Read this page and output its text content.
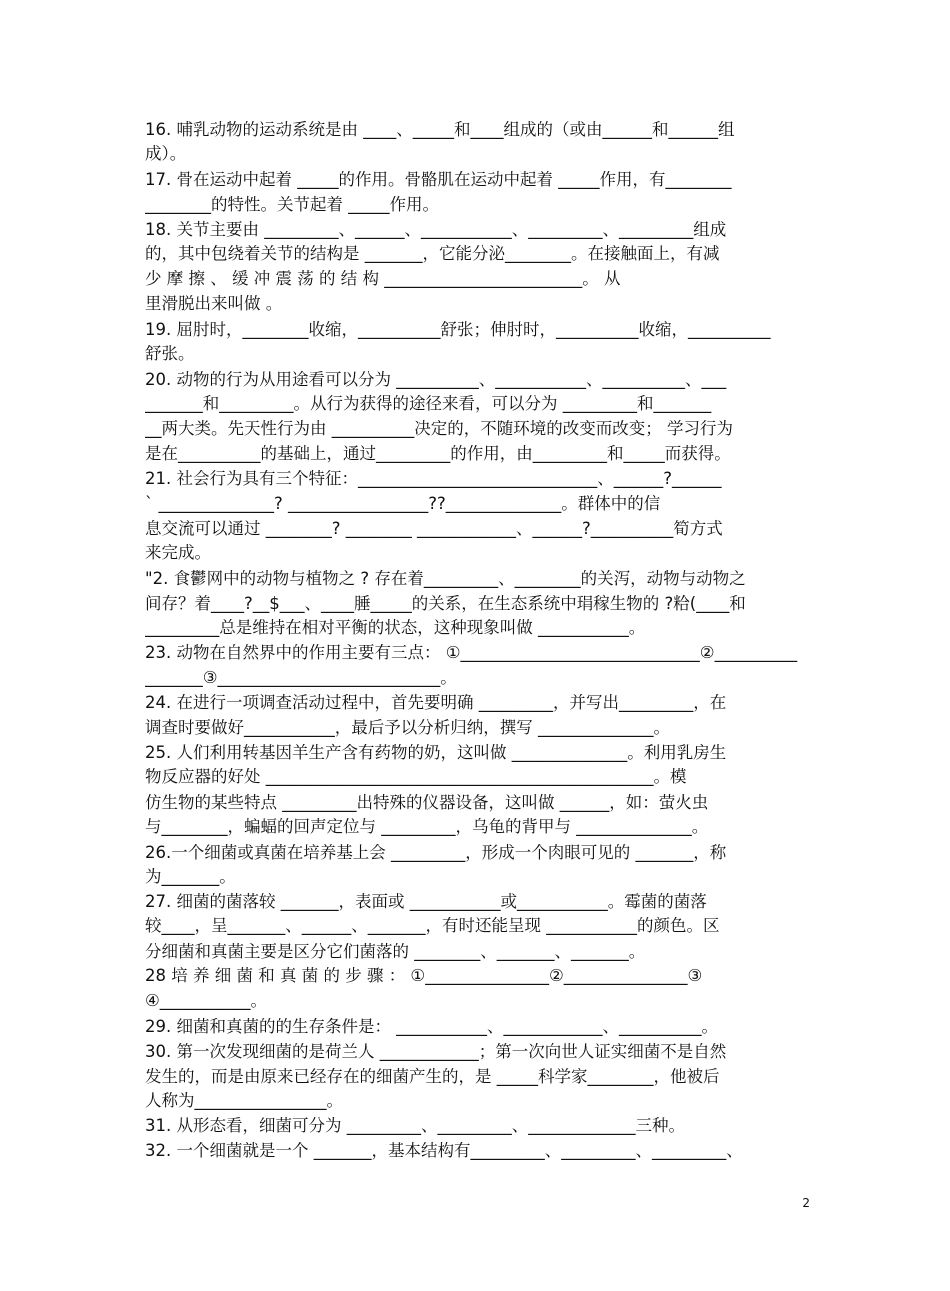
16. 哺乳动物的运动系统是由 ____、_____和____组成的（或由______和______组
成）。
17. 骨在运动中起着 _____的作用。骨骼肌在运动中起着 _____作用，有________
________的特性。关节起着 _____作用。
18. 关节主要由 _________、______、___________、_________、_________组成
的，其中包绕着关节的结构是 _______，它能分泌________。在接触面上，有减
少 摩 擦 、 缓 冲 震 荡 的 结 构 ________________________。 从
里滑脱出来叫做 。
19. 屈肘时，________收缩，__________舒张；伸肘时，__________收缩，__________
舒张。
20. 动物的行为从用途看可以分为 __________、___________、__________、___
_______和_________。从行为获得的途径来看，可以分为 _________和_______
__两大类。先天性行为由 __________决定的，不随环境的改变而改变； 学习行为
是在__________的基础上，通过_________的作用，由_________和_____而获得。
21. 社会行为具有三个特征：_____________________________、______?______
` ______________? _________________??______________。群体中的信
息交流可以通过 ________? ________ ____________、______?__________筍方式
来完成。
"2. 食鬱网中的动物与植物之 ? 存在着_________、________的关泻，动物与动物之
间存？着____?__$___、____腄_____的关系，在生态系统中琄稼生物的 ?粭(____和
_________总是维持在相对平衡的状态，这种现象叫做 ___________。
23. 动物在自然界中的作用主要有三点： ①_____________________________②__________
_______③___________________________。
24. 在进行一项调查活动过程中，首先要明确 _________，并写出_________，在
调查时要做好___________，最后予以分析归纳，撰写 ______________。
25. 人们利用转基因羊生产含有药物的奶，这叫做 ______________。利用乳房生
物反应器的好处 _______________________________________________。模
仿生物的某些特点 _________出特殊的仪器设备，这叫做 ______，如：萤火虫
与________，蝙蝠的回声定位与 _________，乌龟的背甲与 ______________。
26.一个细菌或真菌在培养基上会 _________，形成一个肉眼可见的 _______，称
为_______。
27. 细菌的菌落较 _______，表面或 ___________或___________。霉菌的菌落
较____，呈_______、______、_______，有时还能呈现 ___________的颜色。区
分细菌和真菌主要是区分它们菌落的 ________、_______、_______。
28 培 养 细 菌 和 真 菌 的 步 骤 ： ①_______________②_______________③
④___________。
29. 细菌和真菌的的生存条件是： ___________、____________、__________。
30. 第一次发现细菌的是荷兰人 ____________；第一次向世人证实细菌不是自然
发生的，而是由原来已经存在的细菌产生的，是 _____科学家________，他被后
人称为________________。
31. 从形态看，细菌可分为 _________、_________、_____________三种。
32. 一个细菌就是一个 _______，基本结构有_________、_________、_________、
2
